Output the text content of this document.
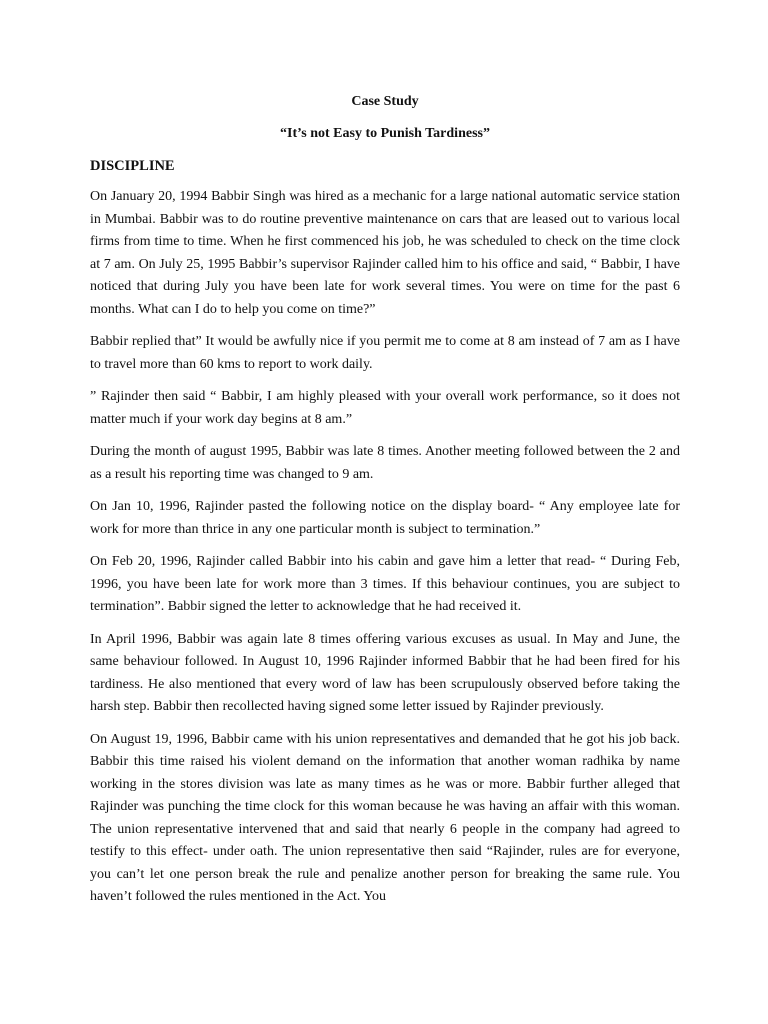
Case Study
“It’s not Easy to Punish Tardiness”
DISCIPLINE

On January 20, 1994 Babbir Singh was hired as a mechanic for a large national automatic service station in Mumbai. Babbir was to do routine preventive maintenance on cars that are leased out to various local firms from time to time. When he first commenced his job, he was scheduled to check on the time clock at 7 am. On July 25, 1995 Babbir’s supervisor Rajinder called him to his office and said, “ Babbir, I have noticed that during July you have been late for work several times. You were on time for the past 6 months. What can I do to help you come on time?”

Babbir replied that” It would be awfully nice if you permit me to come at 8 am instead of 7 am as I have to travel more than 60 kms to report to work daily.

” Rajinder then said “ Babbir, I am highly pleased with your overall work performance, so it does not matter much if your work day begins at 8 am.”

During the month of august 1995, Babbir was late 8 times. Another meeting followed between the 2 and as a result his reporting time was changed to 9 am.

On Jan 10, 1996, Rajinder pasted the following notice on the display board- “ Any employee late for work for more than thrice in any one particular month is subject to termination.”

On Feb 20, 1996, Rajinder called Babbir into his cabin and gave him a letter that read- “ During Feb, 1996, you have been late for work more than 3 times. If this behaviour continues, you are subject to termination”. Babbir signed the letter to acknowledge that he had received it.

In April 1996, Babbir was again late 8 times offering various excuses as usual. In May and June, the same behaviour followed. In August 10, 1996 Rajinder informed Babbir that he had been fired for his tardiness. He also mentioned that every word of law has been scrupulously observed before taking the harsh step. Babbir then recollected having signed some letter issued by Rajinder previously.

On August 19, 1996, Babbir came with his union representatives and demanded that he got his job back. Babbir this time raised his violent demand on the information that another woman radhika by name working in the stores division was late as many times as he was or more. Babbir further alleged that Rajinder was punching the time clock for this woman because he was having an affair with this woman. The union representative intervened that and said that nearly 6 people in the company had agreed to testify to this effect- under oath. The union representative then said “Rajinder, rules are for everyone, you can’t let one person break the rule and penalize another person for breaking the same rule. You haven’t followed the rules mentioned in the Act. You
